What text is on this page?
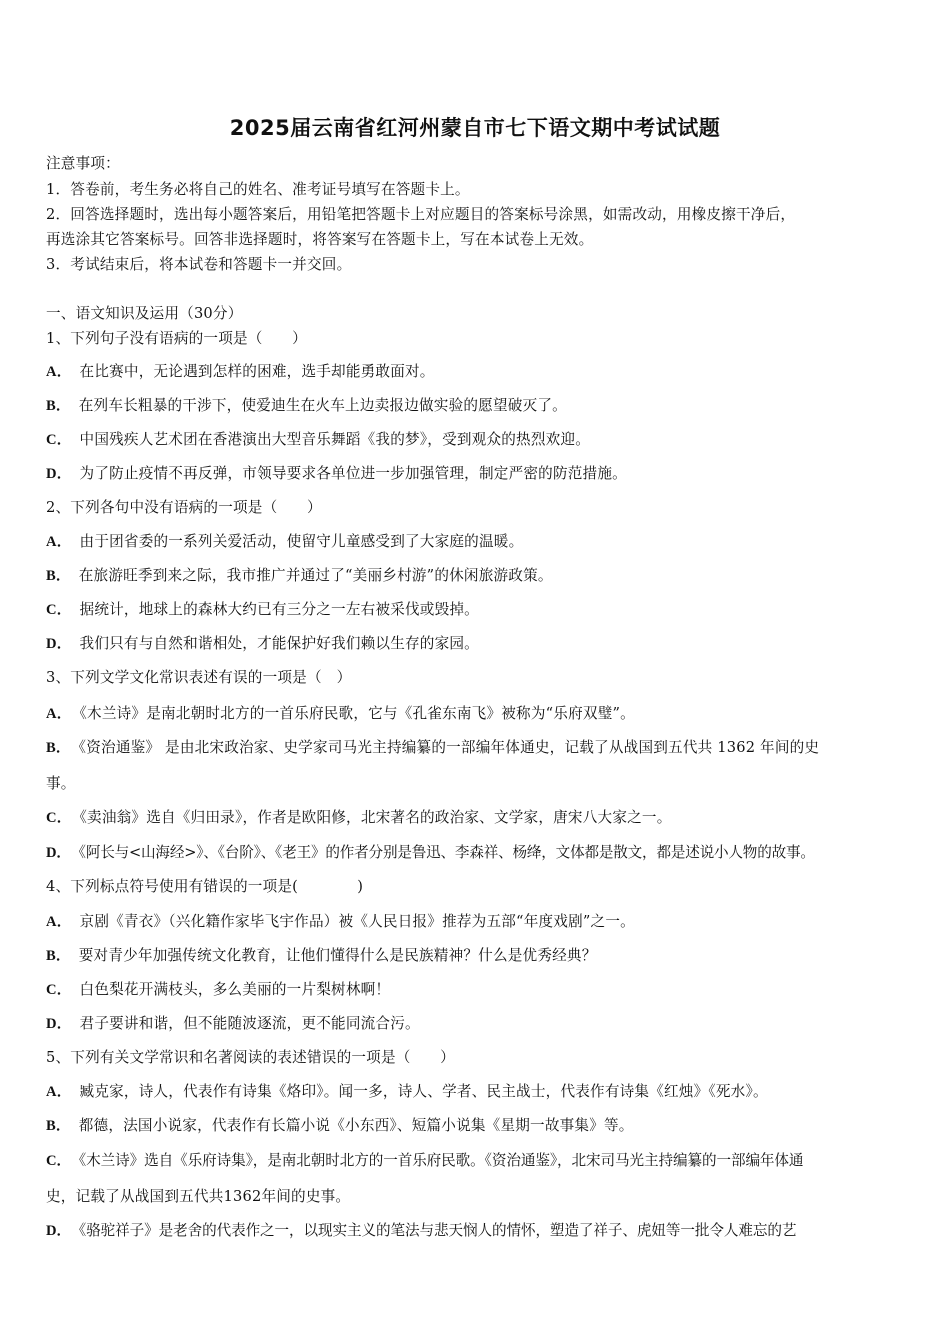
2025届云南省红河州蒙自市七下语文期中考试试题
注意事项：
1．答卷前，考生务必将自己的姓名、准考证号填写在答题卡上。
2．回答选择题时，选出每小题答案后，用铅笔把答题卡上对应题目的答案标号涂黑，如需改动，用橡皮擦干净后，
再选涂其它答案标号。回答非选择题时，将答案写在答题卡上，写在本试卷上无效。
3．考试结束后，将本试卷和答题卡一并交回。
一、语文知识及运用（30分）
1、下列句子没有语病的一项是（　　）
A． 在比赛中，无论遇到怎样的困难，选手却能勇敢面对。
B． 在列车长粗暴的干涉下，使爱迪生在火车上边卖报边做实验的愿望破灭了。
C． 中国残疾人艺术团在香港演出大型音乐舞蹈《我的梦》，受到观众的热烈欢迎。
D． 为了防止疫情不再反弹，市领导要求各单位进一步加强管理，制定严密的防范措施。
2、下列各句中没有语病的一项是（　　）
A． 由于团省委的一系列关爱活动，使留守儿童感受到了大家庭的温暖。
B． 在旅游旺季到来之际，我市推广并通过了“美丽乡村游”的休闲旅游政策。
C． 据统计，地球上的森林大约已有三分之一左右被采伐或毁掉。
D． 我们只有与自然和谐相处，才能保护好我们赖以生存的家园。
3、下列文学文化常识表述有误的一项是（　）
A． 《木兰诗》是南北朝时北方的一首乐府民歌，它与《孔雀东南飞》被称为“乐府双璧”。
B． 《资治通鉴》 是由北宋政治家、史学家司马光主持编纂的一部编年体通史，记载了从战国到五代共 1362 年间的史
事。
C． 《卖油翁》选自《归田录》，作者是欧阳修，北宋著名的政治家、文学家，唐宋八大家之一。
D． 《阿长与<山海经>》、《台阶》、《老王》的作者分别是鲁迅、李森祥、杨绛，文体都是散文，都是述说小人物的故事。
4、下列标点符号使用有错误的一项是(　　　　)
A． 京剧《青衣》（兴化籍作家毕飞宇作品）被《人民日报》推荐为五部“年度戏剧”之一。
B． 要对青少年加强传统文化教育，让他们懂得什么是民族精神？什么是优秀经典？
C． 白色梨花开满枝头，多么美丽的一片梨树林啊！
D． 君子要讲和谐，但不能随波逐流，更不能同流合污。
5、下列有关文学常识和名著阅读的表述错误的一项是（　　）
A． 臧克家，诗人，代表作有诗集《烙印》。闻一多，诗人、学者、民主战士，代表作有诗集《红烛》《死水》。
B． 都德，法国小说家，代表作有长篇小说《小东西》、短篇小说集《星期一故事集》等。
C． 《木兰诗》选自《乐府诗集》，是南北朝时北方的一首乐府民歌。《资治通鉴》，北宋司马光主持编纂的一部编年体通
史，记载了从战国到五代共1362年间的史事。
D． 《骆驼祥子》是老舍的代表作之一，以现实主义的笔法与悲天悯人的情怀，塑造了祥子、虎妞等一批令人难忘的艺
